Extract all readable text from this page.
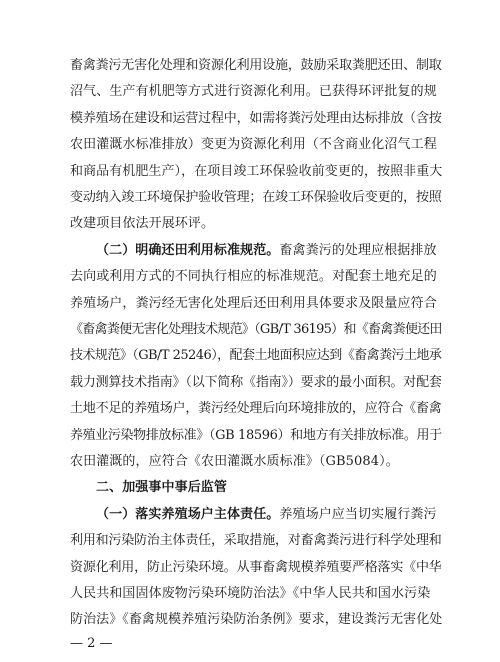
畜禽粪污无害化处理和资源化利用设施，鼓励采取粪肥还田、制取
沼气、生产有机肥等方式进行资源化利用。已获得环评批复的规
模养殖场在建设和运营过程中，如需将粪污处理由达标排放（含按
农田灌溉水标准排放）变更为资源化利用（不含商业化沼气工程
和商品有机肥生产），在项目竣工环保验收前变更的，按照非重大
变动纳入竣工环境保护验收管理；在竣工环保验收后变更的，按照
改建项目依法开展环评。
（二）明确还田利用标准规范。畜禽粪污的处理应根据排放
去向或利用方式的不同执行相应的标准规范。对配套土地充足的
养殖场户，粪污经无害化处理后还田利用具体要求及限量应符合
《畜禽粪便无害化处理技术规范》（GB/T 36195）和《畜禽粪便还田
技术规范》（GB/T 25246），配套土地面积应达到《畜禽粪污土地承
载力测算技术指南》（以下简称《指南》）要求的最小面积。对配套
土地不足的养殖场户，粪污经处理后向环境排放的，应符合《畜禽
养殖业污染物排放标准》（GB 18596）和地方有关排放标准。用于
农田灌溉的，应符合《农田灌溉水质标准》（GB5084）。
二、加强事中事后监管
（一）落实养殖场户主体责任。养殖场户应当切实履行粪污
利用和污染防治主体责任，采取措施，对畜禽粪污进行科学处理和
资源化利用，防止污染环境。从事畜禽规模养殖要严格落实《中华
人民共和国固体废物污染环境防治法》《中华人民共和国水污染
防治法》《畜禽规模养殖污染防治条例》要求，建设粪污无害化处
— 2 —
